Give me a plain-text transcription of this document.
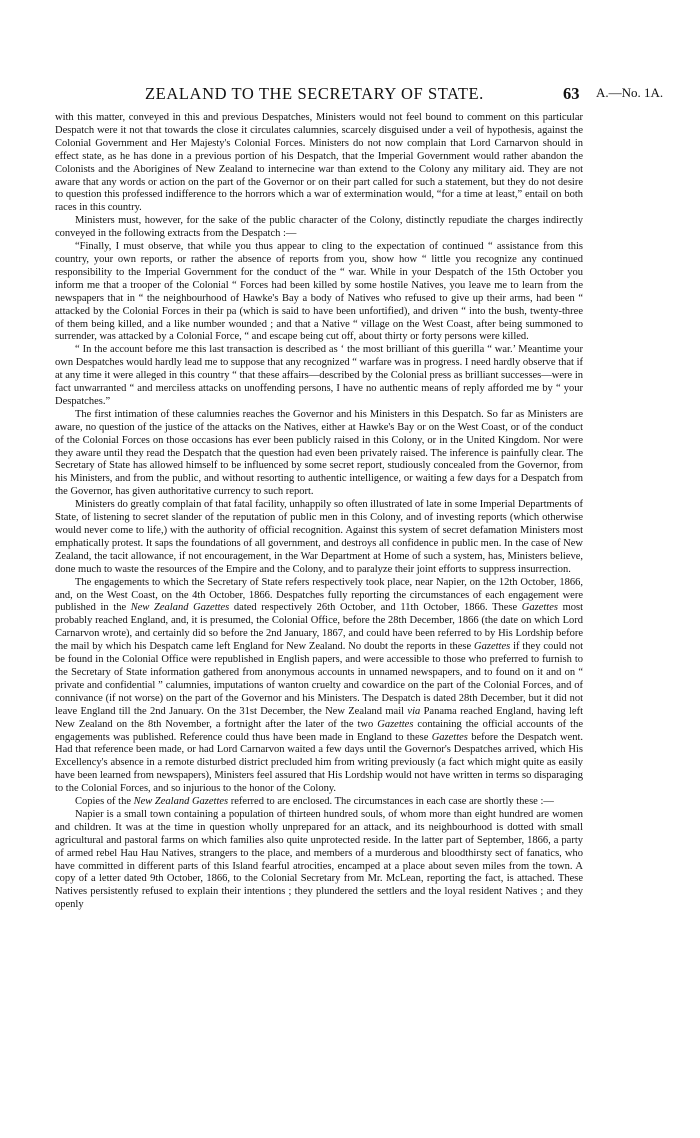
ZEALAND TO THE SECRETARY OF STATE.	63 A.—No. 1A.

with this matter, conveyed in this and previous Despatches, Ministers would not feel bound to comment on this particular Despatch were it not that towards the close it circulates calumnies, scarcely disguised under a veil of hypothesis, against the Colonial Government and Her Majesty's Colonial Forces. Ministers do not now complain that Lord Carnarvon should in effect state, as he has done in a previous portion of his Despatch, that the Imperial Government would rather abandon the Colonists and the Aborigines of New Zealand to internecine war than extend to the Colony any military aid. They are not aware that any words or action on the part of the Governor or on their part called for such a statement, but they do not desire to question this professed indifference to the horrors which a war of extermination would, “for a time at least,” entail on both races in this country.

Ministers must, however, for the sake of the public character of the Colony, distinctly repudiate the charges indirectly conveyed in the following extracts from the Despatch :—

“Finally, I must observe, that while you thus appear to cling to the expectation of continued “ assistance from this country, your own reports, or rather the absence of reports from you, show how “ little you recognize any continued responsibility to the Imperial Government for the conduct of the “ war. While in your Despatch of the 15th October you inform me that a trooper of the Colonial “ Forces had been killed by some hostile Natives, you leave me to learn from the newspapers that in “ the neighbourhood of Hawke's Bay a body of Natives who refused to give up their arms, had been “ attacked by the Colonial Forces in their pa (which is said to have been unfortified), and driven “ into the bush, twenty-three of them being killed, and a like number wounded ; and that a Native “ village on the West Coast, after being summoned to surrender, was attacked by a Colonial Force, “ and escape being cut off, about thirty or forty persons were killed.

“ In the account before me this last transaction is described as ‘ the most brilliant of this guerilla “ war.’ Meantime your own Despatches would hardly lead me to suppose that any recognized “ warfare was in progress. I need hardly observe that if at any time it were alleged in this country “ that these affairs—described by the Colonial press as brilliant successes—were in fact unwarranted “ and merciless attacks on unoffending persons, I have no authentic means of reply afforded me by “ your Despatches.”

The first intimation of these calumnies reaches the Governor and his Ministers in this Despatch. So far as Ministers are aware, no question of the justice of the attacks on the Natives, either at Hawke's Bay or on the West Coast, or of the conduct of the Colonial Forces on those occasions has ever been publicly raised in this Colony, or in the United Kingdom. Nor were they aware until they read the Despatch that the question had even been privately raised. The inference is painfully clear. The Secretary of State has allowed himself to be influenced by some secret report, studiously concealed from the Governor, from his Ministers, and from the public, and without resorting to authentic intelligence, or waiting a few days for a Despatch from the Governor, has given authoritative currency to such report.

Ministers do greatly complain of that fatal facility, unhappily so often illustrated of late in some Imperial Departments of State, of listening to secret slander of the reputation of public men in this Colony, and of investing reports (which otherwise would never come to life,) with the authority of official recognition. Against this system of secret defamation Ministers most emphatically protest. It saps the foundations of all government, and destroys all confidence in public men. In the case of New Zealand, the tacit allowance, if not encouragement, in the War Department at Home of such a system, has, Ministers believe, done much to waste the resources of the Empire and the Colony, and to paralyze their joint efforts to suppress insurrection.

The engagements to which the Secretary of State refers respectively took place, near Napier, on the 12th October, 1866, and, on the West Coast, on the 4th October, 1866. Despatches fully reporting the circumstances of each engagement were published in the New Zealand Gazettes dated respectively 26th October, and 11th October, 1866. These Gazettes most probably reached England, and, it is presumed, the Colonial Office, before the 28th December, 1866 (the date on which Lord Carnarvon wrote), and certainly did so before the 2nd January, 1867, and could have been referred to by His Lordship before the mail by which his Despatch came left England for New Zealand. No doubt the reports in these Gazettes if they could not be found in the Colonial Office were republished in English papers, and were accessible to those who preferred to furnish to the Secretary of State information gathered from anonymous accounts in unnamed newspapers, and to found on it and on “ private and confidential ” calumnies, imputations of wanton cruelty and cowardice on the part of the Colonial Forces, and of connivance (if not worse) on the part of the Governor and his Ministers. The Despatch is dated 28th December, but it did not leave England till the 2nd January. On the 31st December, the New Zealand mail via Panama reached England, having left New Zealand on the 8th November, a fortnight after the later of the two Gazettes containing the official accounts of the engagements was published. Reference could thus have been made in England to these Gazettes before the Despatch went. Had that reference been made, or had Lord Carnarvon waited a few days until the Governor's Despatches arrived, which His Excellency's absence in a remote disturbed district precluded him from writing previously (a fact which might quite as easily have been learned from newspapers), Ministers feel assured that His Lordship would not have written in terms so disparaging to the Colonial Forces, and so injurious to the honor of the Colony.

Copies of the New Zealand Gazettes referred to are enclosed. The circumstances in each case are shortly these :—

Napier is a small town containing a population of thirteen hundred souls, of whom more than eight hundred are women and children. It was at the time in question wholly unprepared for an attack, and its neighbourhood is dotted with small agricultural and pastoral farms on which families also quite unprotected reside. In the latter part of September, 1866, a party of armed rebel Hau Hau Natives, strangers to the place, and members of a murderous and bloodthirsty sect of fanatics, who have committed in different parts of this Island fearful atrocities, encamped at a place about seven miles from the town. A copy of a letter dated 9th October, 1866, to the Colonial Secretary from Mr. McLean, reporting the fact, is attached. These Natives persistently refused to explain their intentions ; they plundered the settlers and the loyal resident Natives ; and they openly
